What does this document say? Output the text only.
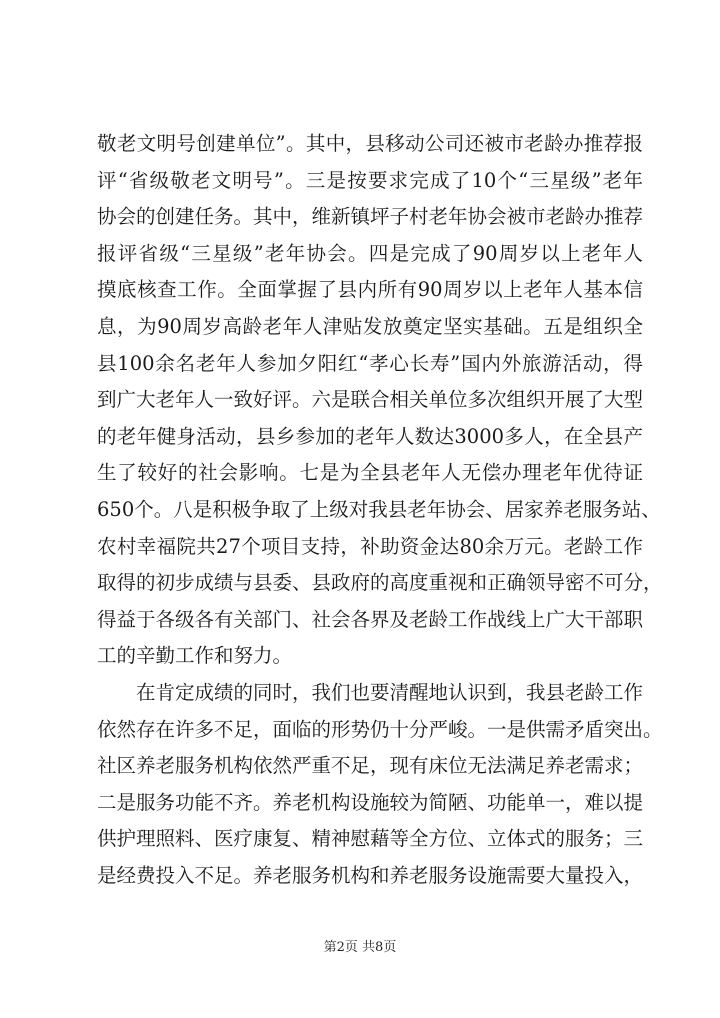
敬老文明号创建单位”。其中，县移动公司还被市老龄办推荐报
评“省级敬老文明号”。三是按要求完成了10个“三星级”老年
协会的创建任务。其中，维新镇坪子村老年协会被市老龄办推荐
报评省级“三星级”老年协会。四是完成了90周岁以上老年人
摸底核查工作。全面掌握了县内所有90周岁以上老年人基本信
息，为90周岁高龄老年人津贴发放奠定坚实基础。五是组织全
县100余名老年人参加夕阳红“孝心长寿”国内外旅游活动，得
到广大老年人一致好评。六是联合相关单位多次组织开展了大型
的老年健身活动，县乡参加的老年人数达3000多人，在全县产
生了较好的社会影响。七是为全县老年人无偿办理老年优待证
650个。八是积极争取了上级对我县老年协会、居家养老服务站、
农村幸福院共27个项目支持，补助资金达80余万元。老龄工作
取得的初步成绩与县委、县政府的高度重视和正确领导密不可分，
得益于各级各有关部门、社会各界及老龄工作战线上广大干部职
工的辛勤工作和努力。
在肯定成绩的同时，我们也要清醒地认识到，我县老龄工作
依然存在许多不足，面临的形势仍十分严峻。一是供需矛盾突出。
社区养老服务机构依然严重不足，现有床位无法满足养老需求；
二是服务功能不齐。养老机构设施较为简陋、功能单一，难以提
供护理照料、医疗康复、精神慰藉等全方位、立体式的服务；三
是经费投入不足。养老服务机构和养老服务设施需要大量投入，
第2页 共8页
